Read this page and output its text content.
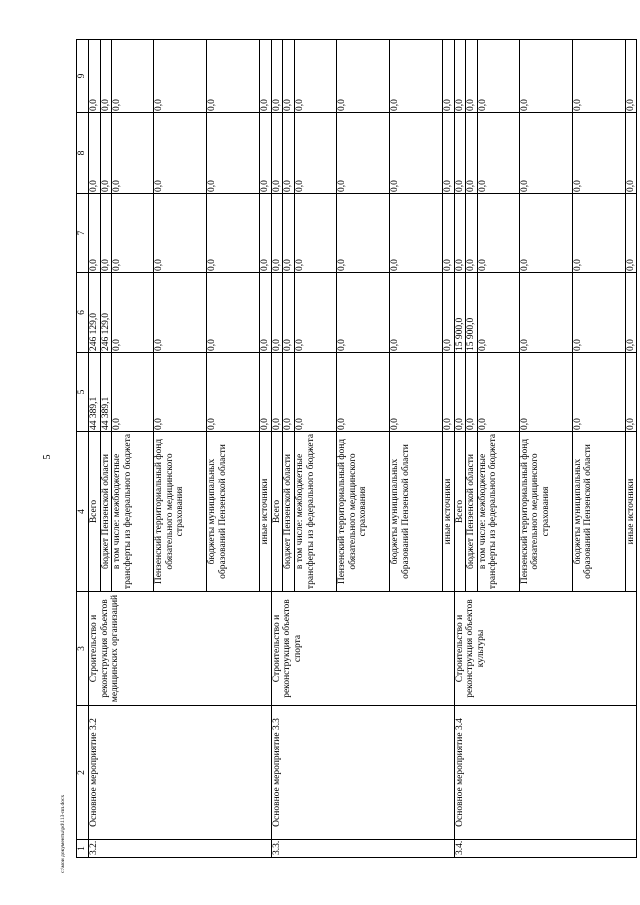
5
c:\мои документы\pd\113-пп.docx 1	2	3	4	5	6	7	8	9
3.2.	Основное мероприятие 3.2	Строительство и реконструкция объектов медицинских организаций	Всего	44 389,1	246 129,0	0,0	0,0	0,0
			бюджет Пензенской области	44 389,1	246 129,0	0,0	0,0	0,0
			в том числе: межбюджетные трансферты из федерального бюджета	0,0	0,0	0,0	0,0	0,0
			Пензенский территориальный фонд обязательного медицинского страхования	0,0	0,0	0,0	0,0	0,0
			бюджеты муниципальных образований Пензенской области	0,0	0,0	0,0	0,0	0,0
			иные источники	0,0	0,0	0,0	0,0	0,0
3.3.	Основное мероприятие 3.3	Строительство и реконструкция объектов спорта	Всего	0,0	0,0	0,0	0,0	0,0
			бюджет Пензенской области	0,0	0,0	0,0	0,0	0,0
			в том числе: межбюджетные трансферты из федерального бюджета	0,0	0,0	0,0	0,0	0,0
			Пензенский территориальный фонд обязательного медицинского страхования	0,0	0,0	0,0	0,0	0,0
			бюджеты муниципальных образований Пензенской области	0,0	0,0	0,0	0,0	0,0
			иные источники	0,0	0,0	0,0	0,0	0,0
3.4.	Основное мероприятие 3.4	Строительство и реконструкция объектов культуры	Всего	0,0	15 900,0	0,0	0,0	0,0
			бюджет Пензенской области	0,0	15 900,0	0,0	0,0	0,0
			в том числе: межбюджетные трансферты из федерального бюджета	0,0	0,0	0,0	0,0	0,0
			Пензенский территориальный фонд обязательного медицинского страхования	0,0	0,0	0,0	0,0	0,0
			бюджеты муниципальных образований Пензенской области	0,0	0,0	0,0	0,0	0,0
			иные источники	0,0	0,0	0,0	0,0	0,0
